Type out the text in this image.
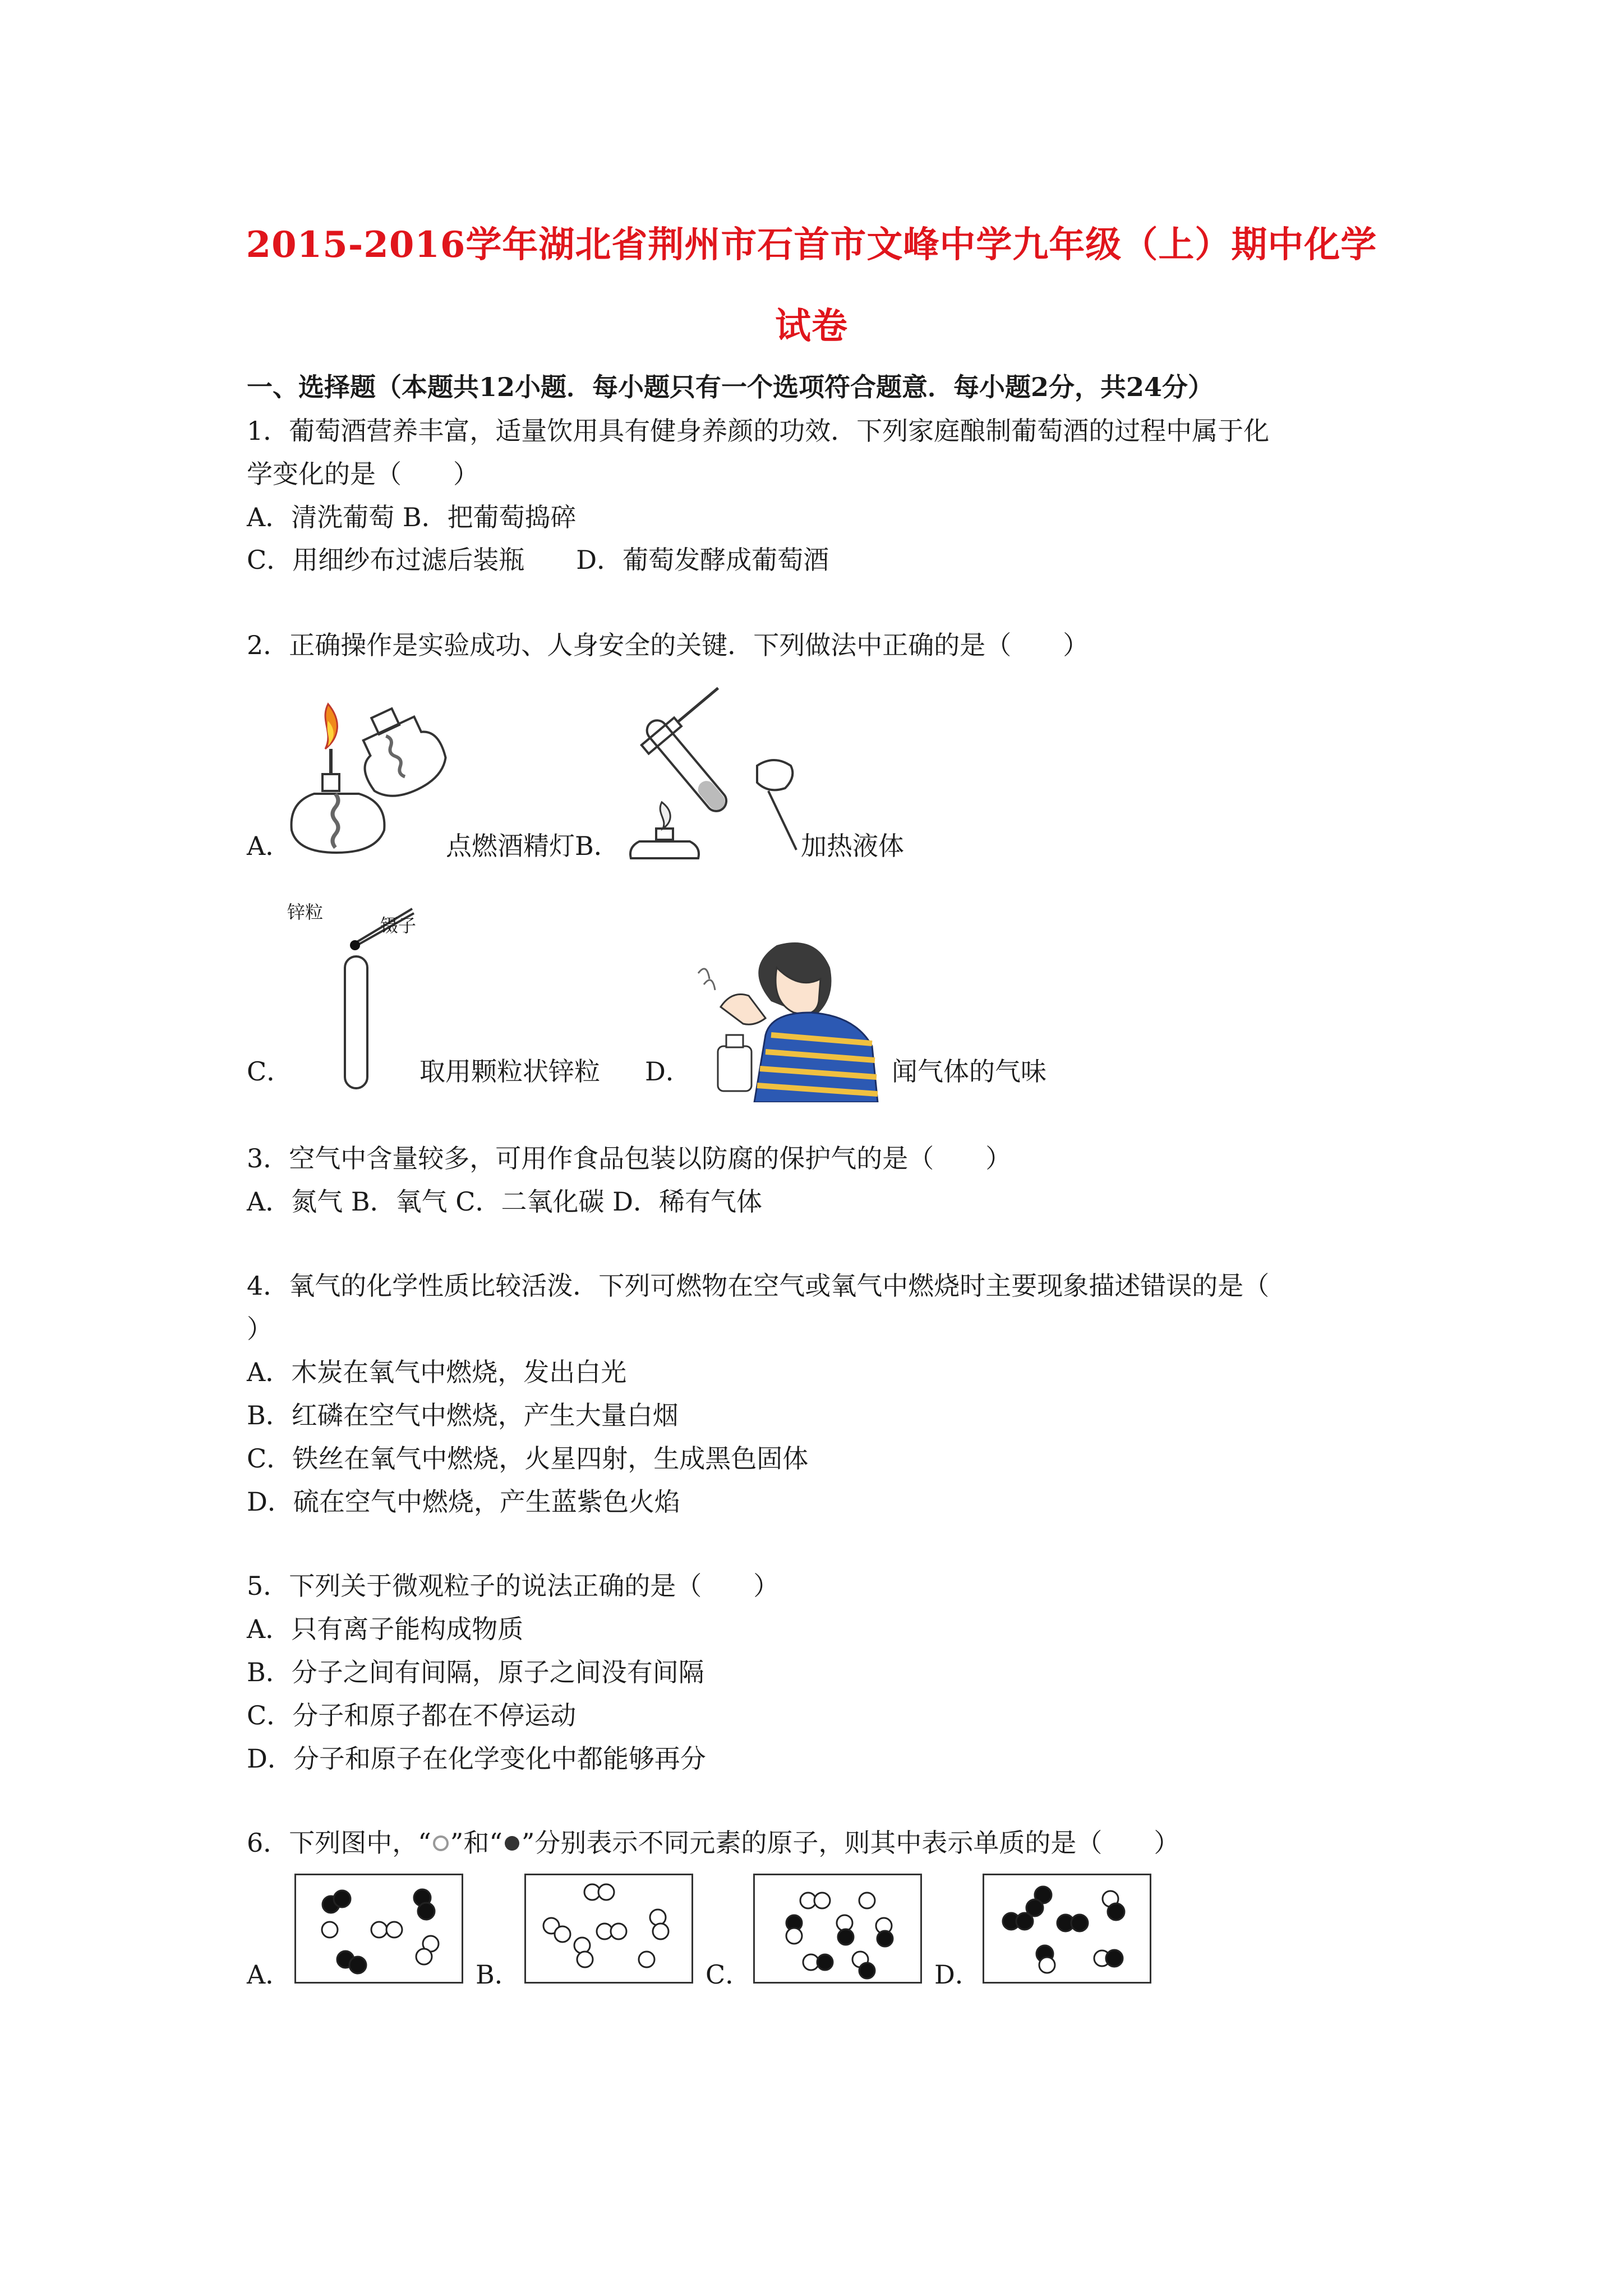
2015-2016学年湖北省荆州市石首市文峰中学九年级（上）期中化学
试卷
一、选择题（本题共12小题．每小题只有一个选项符合题意．每小题2分，共24分）
1．葡萄酒营养丰富，适量饮用具有健身养颜的功效．下列家庭酿制葡萄酒的过程中属于化
学变化的是（　　）
A．清洗葡萄 B．把葡萄捣碎
C．用细纱布过滤后装瓶　　D．葡萄发酵成葡萄酒
2．正确操作是实验成功、人身安全的关键．下列做法中正确的是（　　）
A．	点燃酒精灯B．	加热液体
锌粒
镊子
C．	取用颗粒状锌粒 D．	闻气体的气味
3．空气中含量较多，可用作食品包装以防腐的保护气的是（　　）
A．氮气 B．氧气 C．二氧化碳 D．稀有气体
4．氧气的化学性质比较活泼．下列可燃物在空气或氧气中燃烧时主要现象描述错误的是（
）
A．木炭在氧气中燃烧，发出白光
B．红磷在空气中燃烧，产生大量白烟
C．铁丝在氧气中燃烧，火星四射，生成黑色固体
D．硫在空气中燃烧，产生蓝紫色火焰
5．下列关于微观粒子的说法正确的是（　　）
A．只有离子能构成物质
B．分子之间有间隔，原子之间没有间隔
C．分子和原子都在不停运动
D．分子和原子在化学变化中都能够再分
6．下列图中，“ ”和“ ”分别表示不同元素的原子，则其中表示单质的是（　　）
A．	B．	C．	D．
